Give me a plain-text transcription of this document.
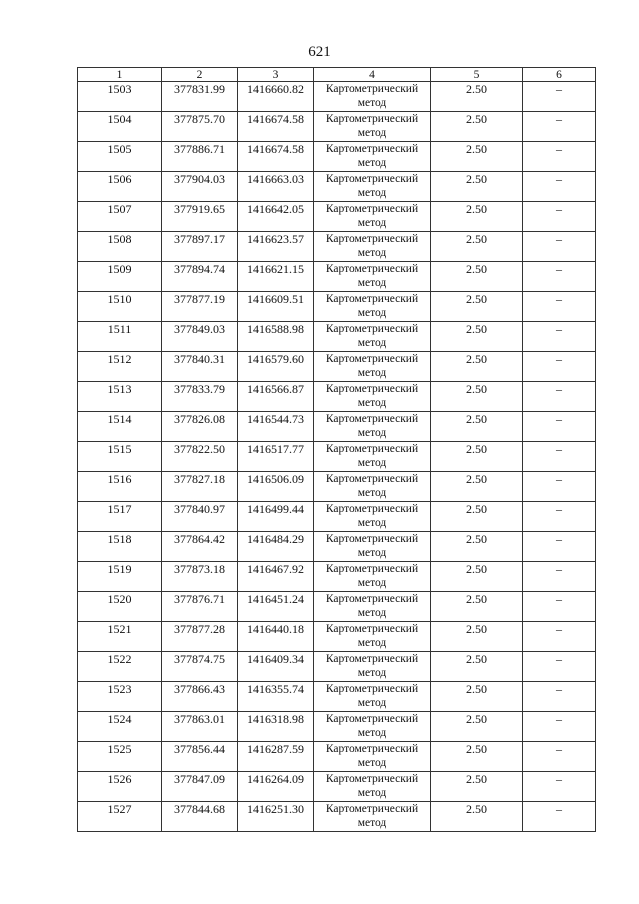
621
1	2	3	4	5	6
1503	377831.99	1416660.82	Картометрический метод	2.50	–
1504	377875.70	1416674.58	Картометрический метод	2.50	–
1505	377886.71	1416674.58	Картометрический метод	2.50	–
1506	377904.03	1416663.03	Картометрический метод	2.50	–
1507	377919.65	1416642.05	Картометрический метод	2.50	–
1508	377897.17	1416623.57	Картометрический метод	2.50	–
1509	377894.74	1416621.15	Картометрический метод	2.50	–
1510	377877.19	1416609.51	Картометрический метод	2.50	–
1511	377849.03	1416588.98	Картометрический метод	2.50	–
1512	377840.31	1416579.60	Картометрический метод	2.50	–
1513	377833.79	1416566.87	Картометрический метод	2.50	–
1514	377826.08	1416544.73	Картометрический метод	2.50	–
1515	377822.50	1416517.77	Картометрический метод	2.50	–
1516	377827.18	1416506.09	Картометрический метод	2.50	–
1517	377840.97	1416499.44	Картометрический метод	2.50	–
1518	377864.42	1416484.29	Картометрический метод	2.50	–
1519	377873.18	1416467.92	Картометрический метод	2.50	–
1520	377876.71	1416451.24	Картометрический метод	2.50	–
1521	377877.28	1416440.18	Картометрический метод	2.50	–
1522	377874.75	1416409.34	Картометрический метод	2.50	–
1523	377866.43	1416355.74	Картометрический метод	2.50	–
1524	377863.01	1416318.98	Картометрический метод	2.50	–
1525	377856.44	1416287.59	Картометрический метод	2.50	–
1526	377847.09	1416264.09	Картометрический метод	2.50	–
1527	377844.68	1416251.30	Картометрический метод	2.50	–
